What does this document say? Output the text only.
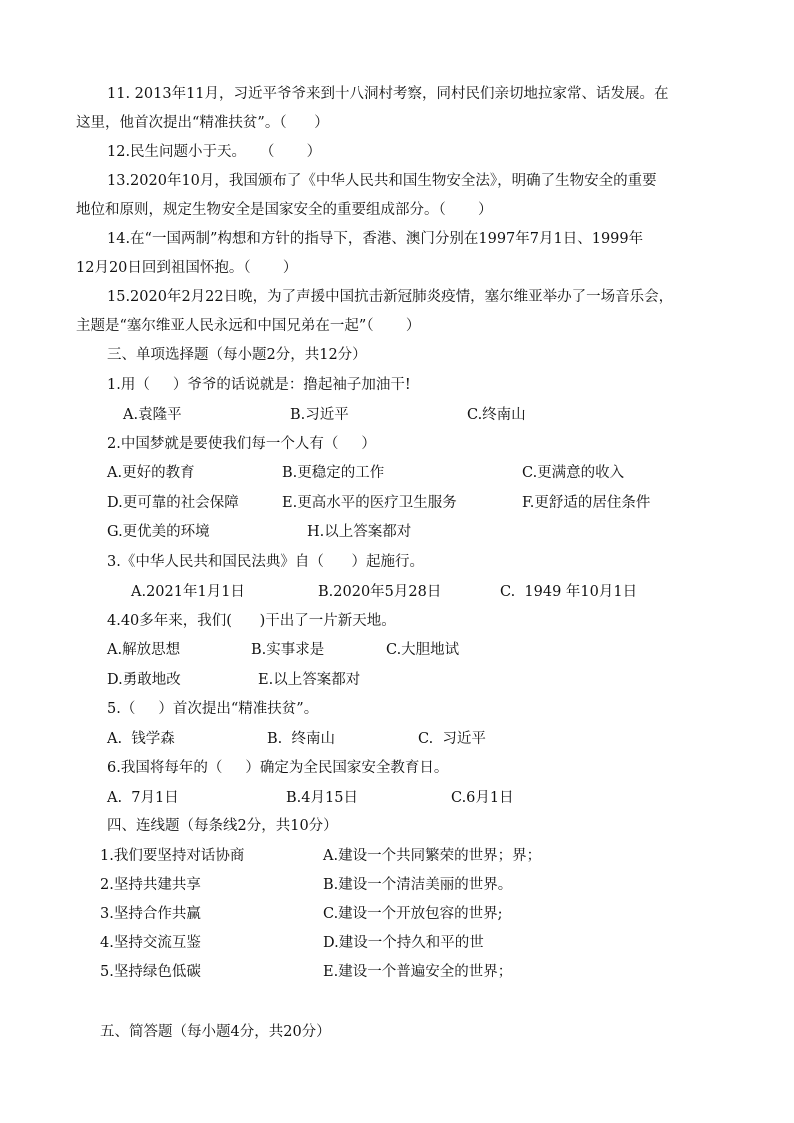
11. 2013年11月，习近平爷爷来到十八洞村考察，同村民们亲切地拉家常、话发展。在
这里，他首次提出“精准扶贫”。（      ）
12.民生问题小于天。   （       ）
13.2020年10月，我国颁布了《中华人民共和国生物安全法》，明确了生物安全的重要
地位和原则，规定生物安全是国家安全的重要组成部分。（       ）
14.在“一国两制”构想和方针的指导下，香港、澳门分别在1997年7月1日、1999年
12月20日回到祖国怀抱。（       ）
15.2020年2月22日晚，为了声援中国抗击新冠肺炎疫情，塞尔维亚举办了一场音乐会，
主题是“塞尔维亚人民永远和中国兄弟在一起”（       ）
三、单项选择题（每小题2分，共12分）
1.用（     ）爷爷的话说就是：撸起袖子加油干!
A.袁隆平	B.习近平	C.终南山
2.中国梦就是要使我们每一个人有（     ）
A.更好的教育	B.更稳定的工作	C.更满意的收入
D.更可靠的社会保障	E.更高水平的医疗卫生服务	F.更舒适的居住条件
G.更优美的环境	H.以上答案都对
3.《中华人民共和国民法典》自（      ）起施行。
A.2021年1月1日	B.2020年5月28日	C.  1949 年10月1日
4.40多年来，我们(      )干出了一片新天地。
A.解放思想	B.实事求是	C.大胆地试
D.勇敢地改	E.以上答案都对
5.（     ）首次提出“精准扶贫”。
A.  钱学森	B.  终南山	C.  习近平
6.我国将每年的（     ）确定为全民国家安全教育日。
A.  7月1日	B.4月15日	C.6月1日
四、连线题（每条线2分，共10分）
1.我们要坚持对话协商	A.建设一个共同繁荣的世界；界；
2.坚持共建共享	B.建设一个清洁美丽的世界。
3.坚持合作共赢	C.建设一个开放包容的世界;
4.坚持交流互鉴	D.建设一个持久和平的世
5.坚持绿色低碳	E.建设一个普遍安全的世界；
五、简答题（每小题4分，共20分）
